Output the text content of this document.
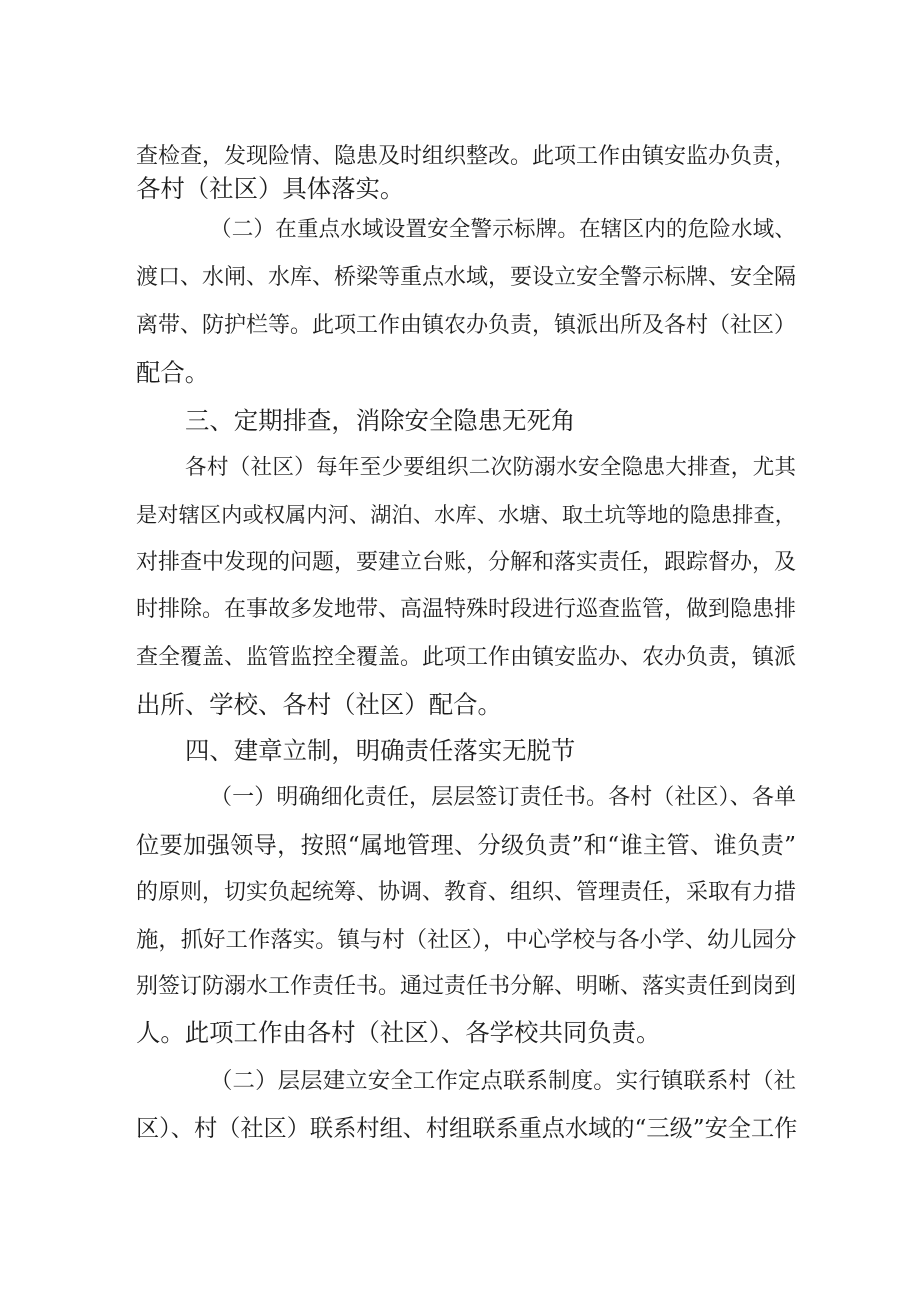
查检查，发现险情、隐患及时组织整改。此项工作由镇安监办负责，
各村（社区）具体落实。
（二）在重点水域设置安全警示标牌。在辖区内的危险水域、
渡口、水闸、水库、桥梁等重点水域，要设立安全警示标牌、安全隔
离带、防护栏等。此项工作由镇农办负责，镇派出所及各村（社区）
配合。
三、定期排查，消除安全隐患无死角
各村（社区）每年至少要组织二次防溺水安全隐患大排查，尤其
是对辖区内或权属内河、湖泊、水库、水塘、取土坑等地的隐患排查，
对排查中发现的问题，要建立台账，分解和落实责任，跟踪督办，及
时排除。在事故多发地带、高温特殊时段进行巡查监管，做到隐患排
查全覆盖、监管监控全覆盖。此项工作由镇安监办、农办负责，镇派
出所、学校、各村（社区）配合。
四、建章立制，明确责任落实无脱节
（一）明确细化责任，层层签订责任书。各村（社区）、各单
位要加强领导，按照“属地管理、分级负责”和“谁主管、谁负责”
的原则，切实负起统筹、协调、教育、组织、管理责任，采取有力措
施，抓好工作落实。镇与村（社区），中心学校与各小学、幼儿园分
别签订防溺水工作责任书。通过责任书分解、明晰、落实责任到岗到
人。此项工作由各村（社区）、各学校共同负责。
（二）层层建立安全工作定点联系制度。实行镇联系村（社
区）、村（社区）联系村组、村组联系重点水域的“三级”安全工作
